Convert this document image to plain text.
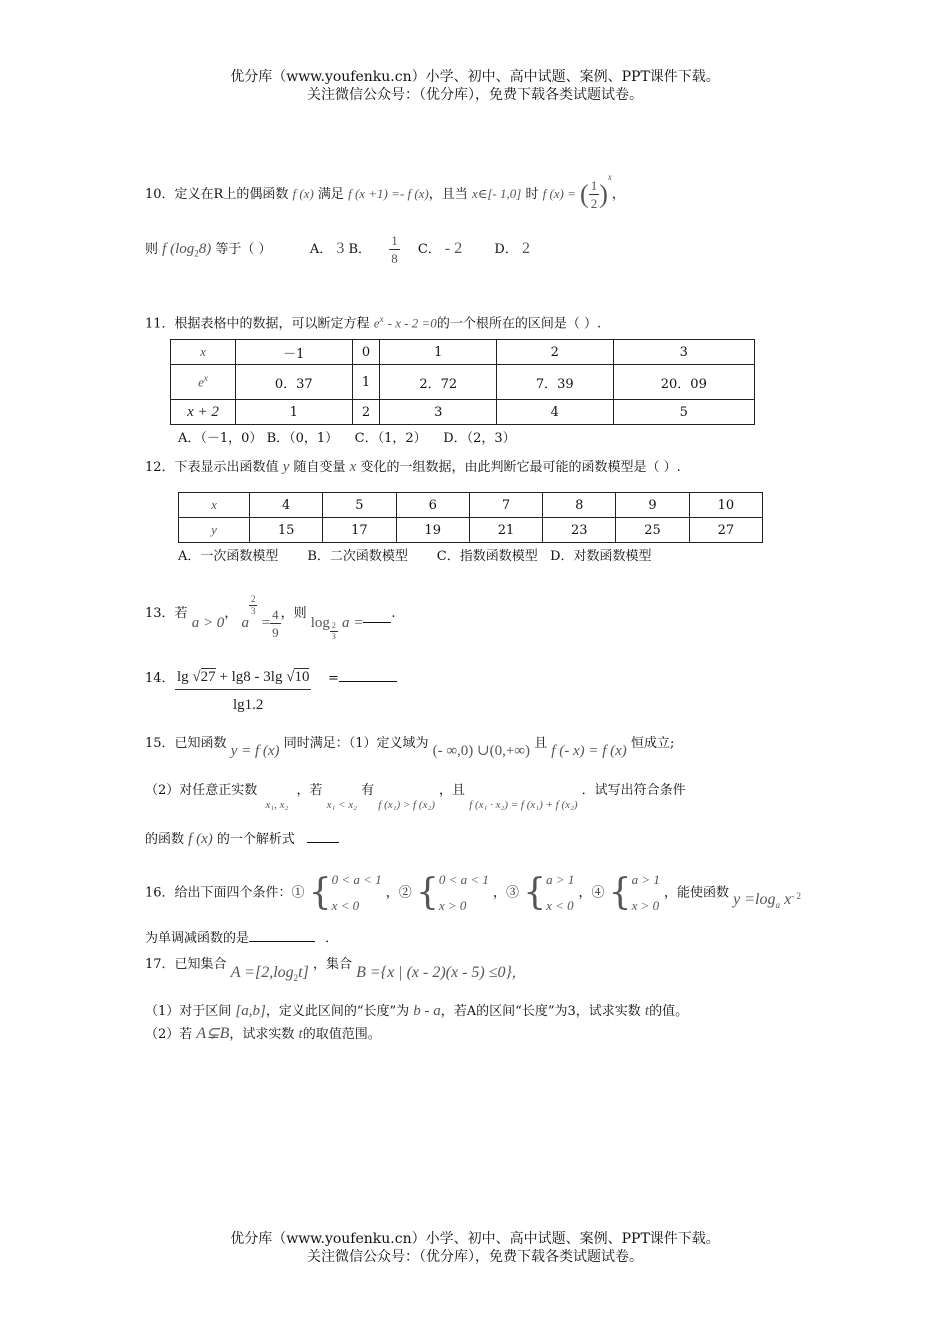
优分库（www.youfenku.cn）小学、初中、高中试题、案例、PPT课件下载。
关注微信公众号：（优分库），免费下载各类试题试卷。
10．定义在R上的偶函数 f (x) 满足 f (x +1) =- f (x)，且当 x∈[- 1,0] 时 f (x) = ( $\frac{1}{2} )^x$，
则 f $(\log_28)$ 等于（ ）	A． 3 B． $\frac{1}{8}$ C． - 2 D． 2
11．根据表格中的数据，可以断定方程 $e^x - x - 2 =0$的一个根所在的区间是（ ）.
x	－1	0	1	2	3
$e^x$	0．37	1	2．72	7．39	20．09
x + 2	1	2	3	4	5
A．（－1，0） B．（0，1）    C．（1，2）    D．（2，3）
12．下表显示出函数值 y 随自变量 x 变化的一组数据，由此判断它最可能的函数模型是（ ）.
x	4	5	6	7	8	9	10
y	15	17	19	21	23	25	27
A．一次函数模型       B．二次函数模型       C．指数函数模型   D．对数函数模型
13．若 a > 0， a
$\frac{2}{3}$
= $\frac{4}{9}$ ，则 $\log \frac{2}{3}$ a =.
14． $\frac{\lg √27 + \lg 8 - 3\lg √10}{\lg 1.2}$ =
15．已知函数 y = f (x) 同时满足：（1）定义域为 (- ∞,0) ∪(0,+∞) 且 f (- x) = f (x) 恒成立;
（2）对任意正实数 $_{x_1, x_2}$ ，若 $_{x_1 < x_2}$ 有 $_{f (x_1) > f (x_2)}$ ，且 $_{f (x_1 \cdot x_2) = f (x_1) + f (x_2)}$ ．试写出符合条件
的函数 f (x) 的一个解析式
16．给出下面四个条件：① { 0 < a < 1
x < 0
，② { 0 < a < 1
x > 0
，③ { a > 1
x < 0
，④ { a > 1
x > 0
，能使函数 $y =\log_a$ $x^{- 2}$
为单调减函数的是	．
17．已知集合 $A =[2,\log_2t]$ ，集合 B ={x | (x - 2)(x - 5) ≤0},
（1）对于区间 [a,b]，定义此区间的“长度”为 b - a，若A的区间“长度”为3，试求实数 t的值。
（2）若 A⊊B，试求实数 t的取值范围。
优分库（www.youfenku.cn）小学、初中、高中试题、案例、PPT课件下载。
关注微信公众号：（优分库），免费下载各类试题试卷。
